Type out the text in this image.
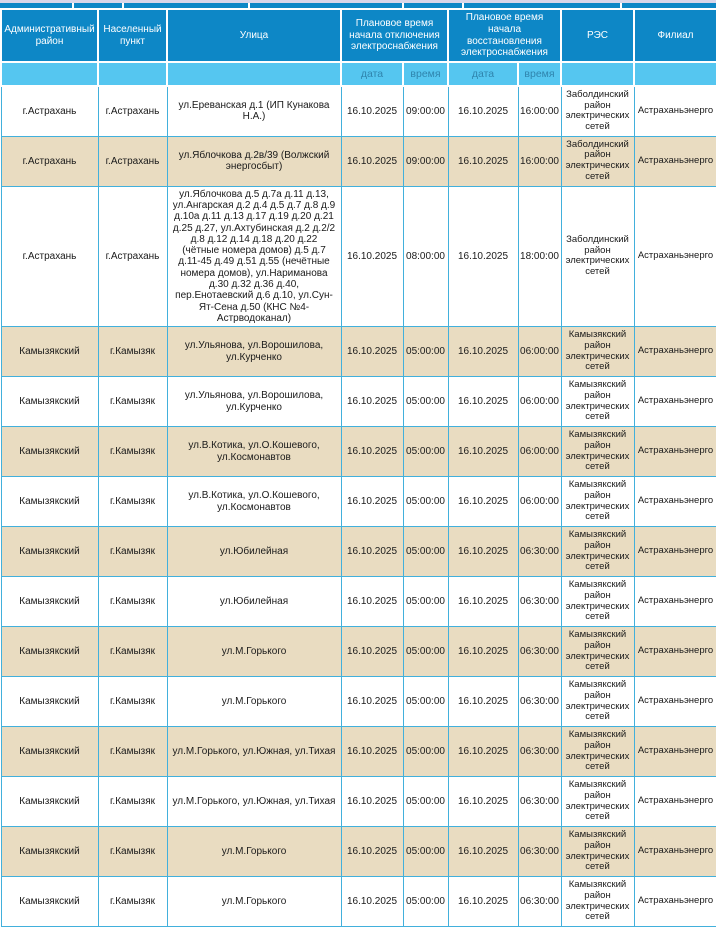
Административный район	Населенный пункт	Улица	Плановое время начала отключения электроснабжения		Плановое время начала восстановления электроснабжения		РЭС	Филиал
			дата	время	дата	время		
г.Астрахань	г.Астрахань	ул.Ереванская д.1 (ИП Кунакова Н.А.)	16.10.2025	09:00:00	16.10.2025	16:00:00	Заболдинский район электрических сетей	Астраханьэнерго
г.Астрахань	г.Астрахань	ул.Яблочкова д.2в/39 (Волжский энергосбыт)	16.10.2025	09:00:00	16.10.2025	16:00:00	Заболдинский район электрических сетей	Астраханьэнерго
г.Астрахань	г.Астрахань	ул.Яблочкова д.5 д.7а д.11 д.13, ул.Ангарская д.2 д.4 д.5 д.7 д.8 д.9 д.10а д.11 д.13 д.17 д.19 д.20 д.21 д.25 д.27, ул.Ахтубинская д.2 д.2/2 д.8 д.12 д.14 д.18 д.20 д.22 (чётные номера домов) д.5 д.7 д.11-45 д.49 д.51 д.55 (нечётные номера домов), ул.Нариманова д.30 д.32 д.36 д.40, пер.Енотаевский д.6 д.10, ул.Сун-Ят-Сена д.50 (КНС №4-Астрводоканал)	16.10.2025	08:00:00	16.10.2025	18:00:00	Заболдинский район электрических сетей	Астраханьэнерго
Камызякский	г.Камызяк	ул.Ульянова, ул.Ворошилова, ул.Курченко	16.10.2025	05:00:00	16.10.2025	06:00:00	Камызякский район электрических сетей	Астраханьэнерго
Камызякский	г.Камызяк	ул.Ульянова, ул.Ворошилова, ул.Курченко	16.10.2025	05:00:00	16.10.2025	06:00:00	Камызякский район электрических сетей	Астраханьэнерго
Камызякский	г.Камызяк	ул.В.Котика, ул.О.Кошевого, ул.Космонавтов	16.10.2025	05:00:00	16.10.2025	06:00:00	Камызякский район электрических сетей	Астраханьэнерго
Камызякский	г.Камызяк	ул.В.Котика, ул.О.Кошевого, ул.Космонавтов	16.10.2025	05:00:00	16.10.2025	06:00:00	Камызякский район электрических сетей	Астраханьэнерго
Камызякский	г.Камызяк	ул.Юбилейная	16.10.2025	05:00:00	16.10.2025	06:30:00	Камызякский район электрических сетей	Астраханьэнерго
Камызякский	г.Камызяк	ул.Юбилейная	16.10.2025	05:00:00	16.10.2025	06:30:00	Камызякский район электрических сетей	Астраханьэнерго
Камызякский	г.Камызяк	ул.М.Горького	16.10.2025	05:00:00	16.10.2025	06:30:00	Камызякский район электрических сетей	Астраханьэнерго
Камызякский	г.Камызяк	ул.М.Горького	16.10.2025	05:00:00	16.10.2025	06:30:00	Камызякский район электрических сетей	Астраханьэнерго
Камызякский	г.Камызяк	ул.М.Горького, ул.Южная, ул.Тихая	16.10.2025	05:00:00	16.10.2025	06:30:00	Камызякский район электрических сетей	Астраханьэнерго
Камызякский	г.Камызяк	ул.М.Горького, ул.Южная, ул.Тихая	16.10.2025	05:00:00	16.10.2025	06:30:00	Камызякский район электрических сетей	Астраханьэнерго
Камызякский	г.Камызяк	ул.М.Горького	16.10.2025	05:00:00	16.10.2025	06:30:00	Камызякский район электрических сетей	Астраханьэнерго
Камызякский	г.Камызяк	ул.М.Горького	16.10.2025	05:00:00	16.10.2025	06:30:00	Камызякский район электрических сетей	Астраханьэнерго
